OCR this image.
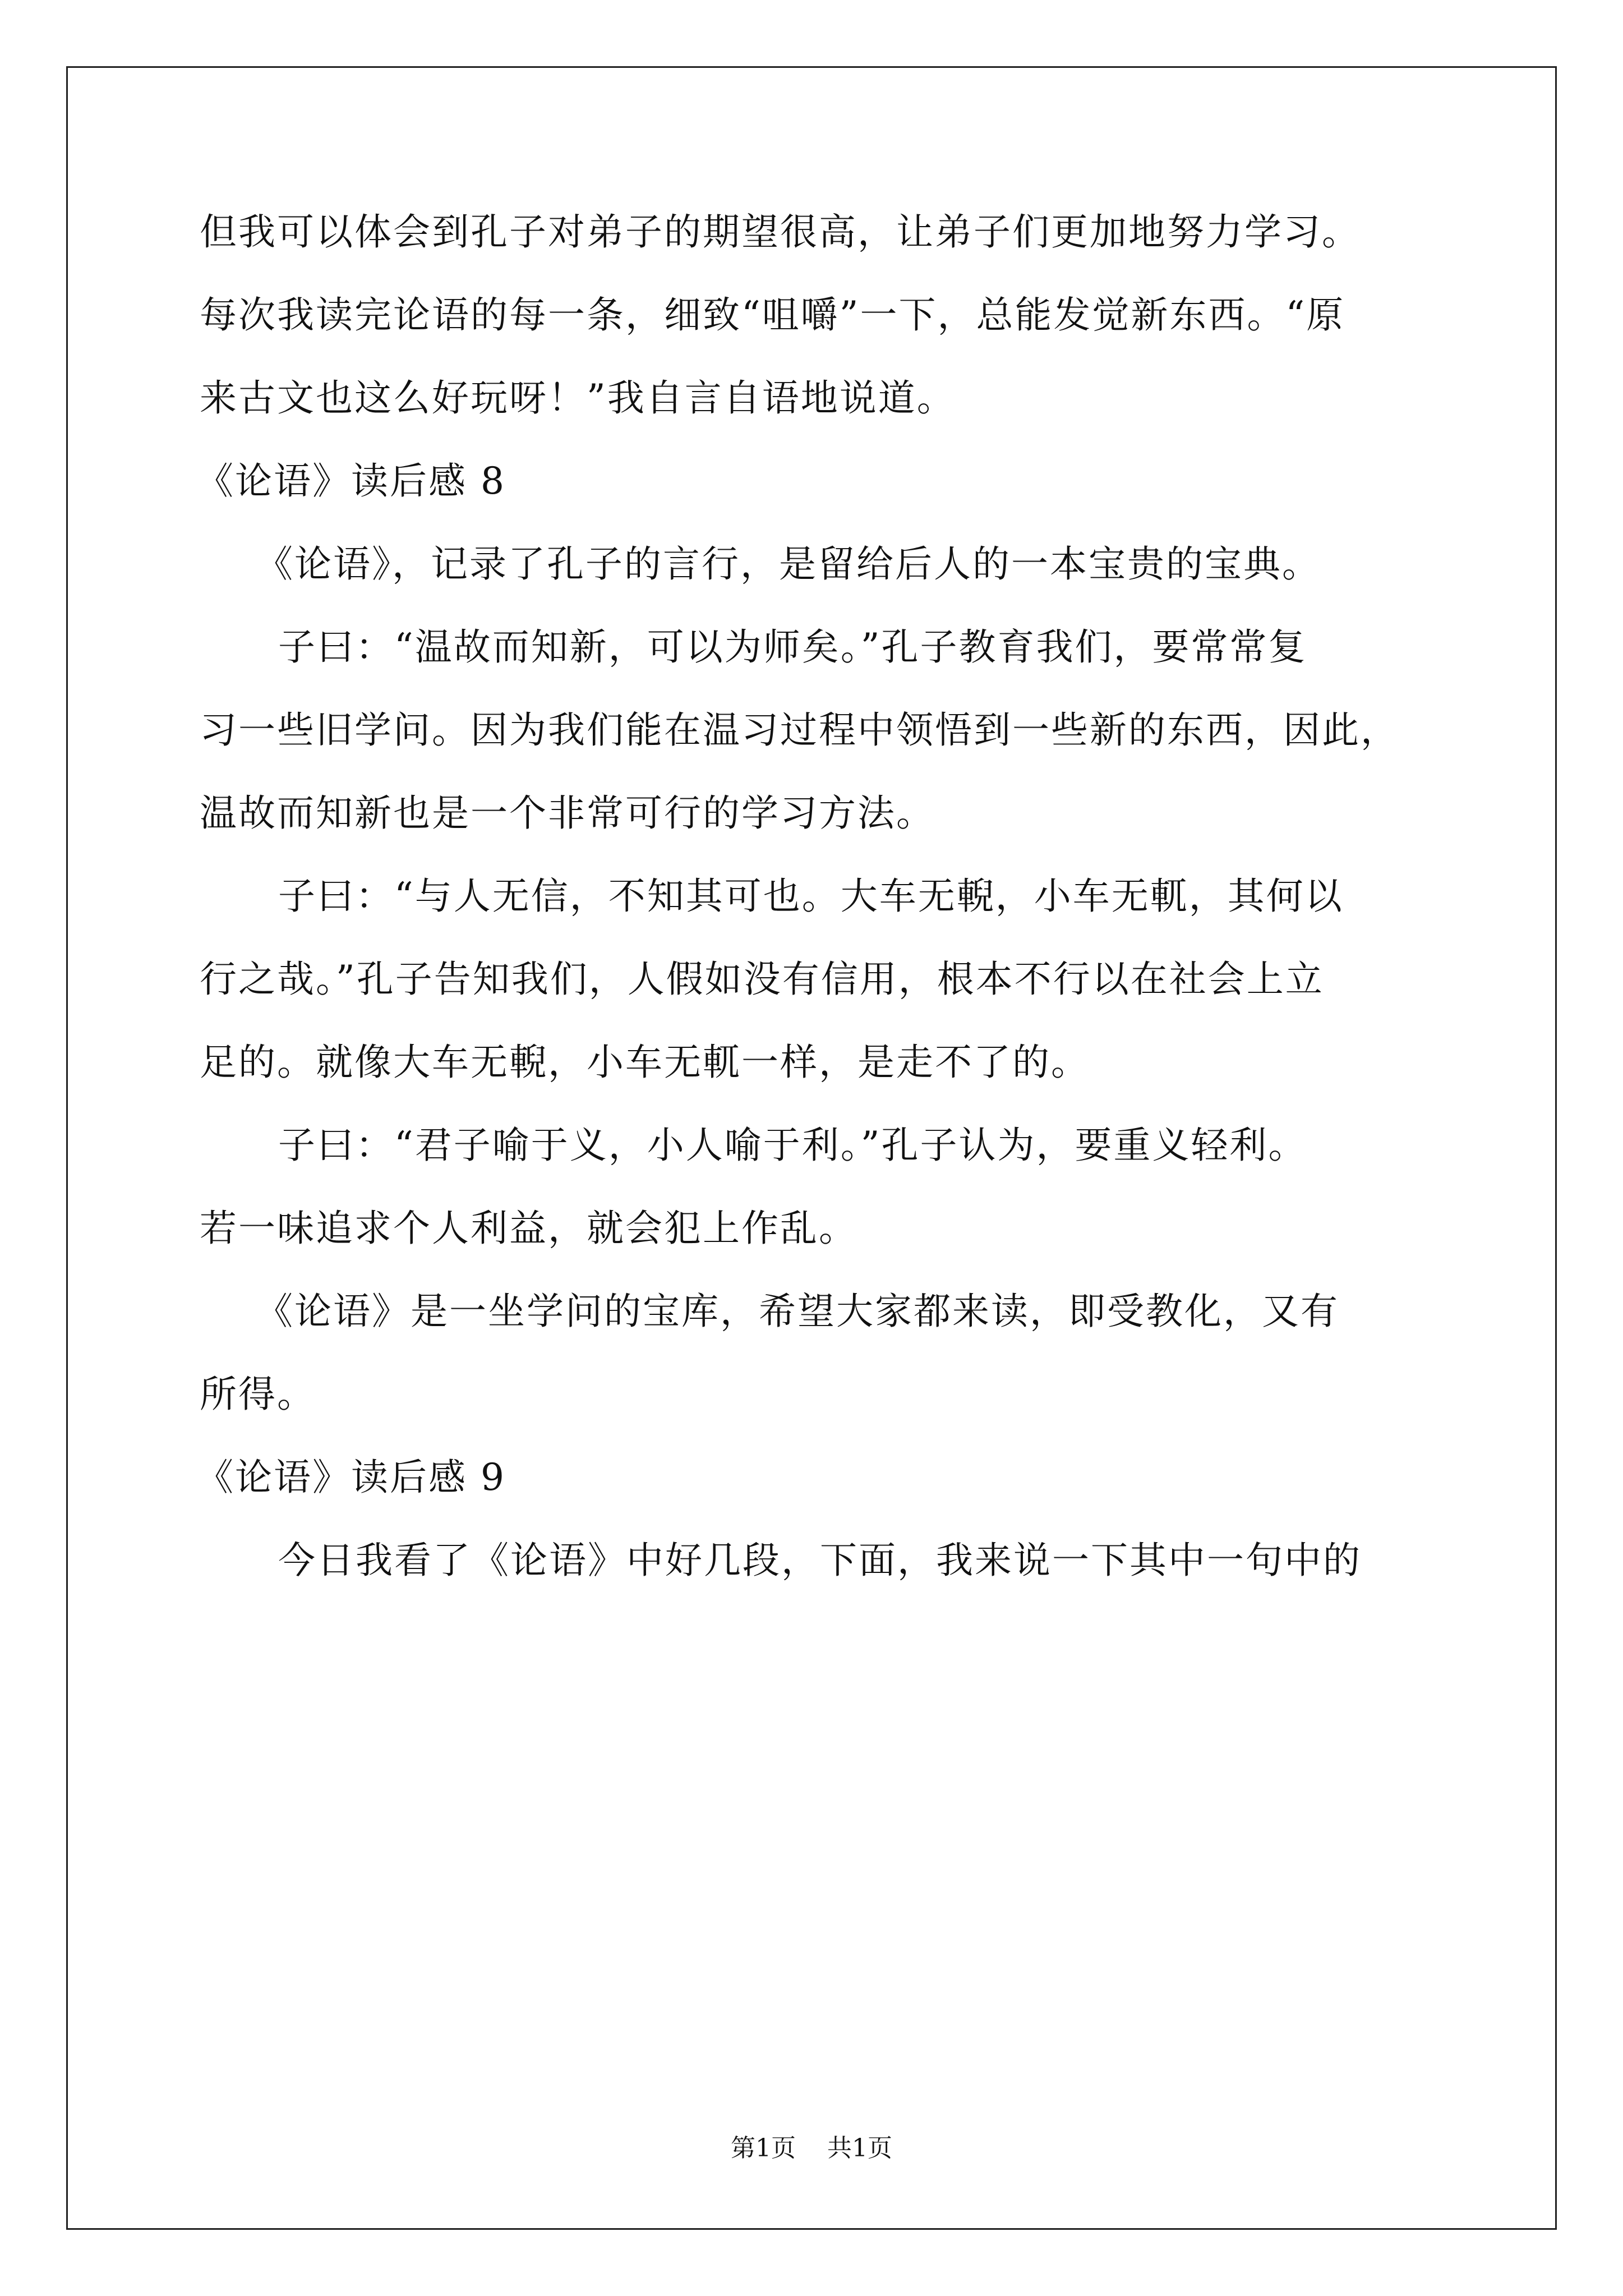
但我可以体会到孔子对弟子的期望很高，让弟子们更加地努力学习。
每次我读完论语的每一条，细致“咀嚼”一下，总能发觉新东西。“原
来古文也这么好玩呀！”我自言自语地说道。
《论语》读后感 8
《论语》，记录了孔子的言行，是留给后人的一本宝贵的宝典。
子曰：“温故而知新，可以为师矣。”孔子教育我们，要常常复
习一些旧学问。因为我们能在温习过程中领悟到一些新的东西，因此，
温故而知新也是一个非常可行的学习方法。
子曰：“与人无信，不知其可也。大车无輗，小车无軏，其何以
行之哉。”孔子告知我们，人假如没有信用，根本不行以在社会上立
足的。就像大车无輗，小车无軏一样，是走不了的。
子曰：“君子喻于义，小人喻于利。”孔子认为，要重义轻利。
若一味追求个人利益，就会犯上作乱。
《论语》是一坐学问的宝库，希望大家都来读，即受教化，又有
所得。
《论语》读后感 9
今日我看了《论语》中好几段，下面，我来说一下其中一句中的
第1页 共1页
